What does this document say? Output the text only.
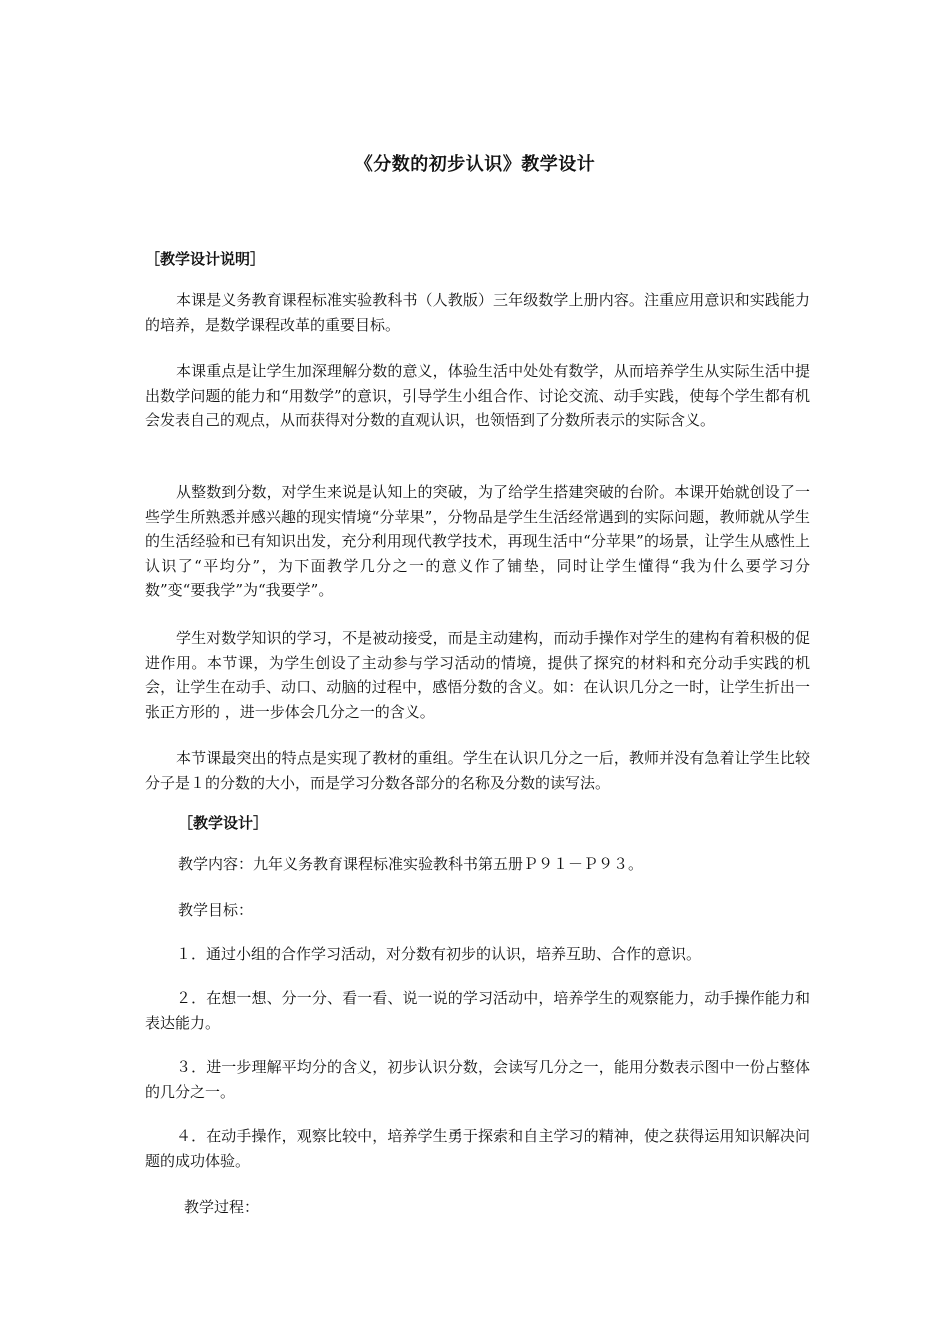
《分数的初步认识》教学设计
［教学设计说明］

本课是义务教育课程标准实验教科书（人教版）三年级数学上册内容。注重应用意识和实践能力的培养，是数学课程改革的重要目标。

本课重点是让学生加深理解分数的意义，体验生活中处处有数学，从而培养学生从实际生活中提出数学问题的能力和“用数学”的意识，引导学生小组合作、讨论交流、动手实践，使每个学生都有机会发表自己的观点，从而获得对分数的直观认识，也领悟到了分数所表示的实际含义。

从整数到分数，对学生来说是认知上的突破，为了给学生搭建突破的台阶。本课开始就创设了一些学生所熟悉并感兴趣的现实情境“分苹果”，分物品是学生生活经常遇到的实际问题，教师就从学生的生活经验和已有知识出发，充分利用现代教学技术，再现生活中“分苹果”的场景，让学生从感性上认识了“平均分”，为下面教学几分之一的意义作了铺垫，同时让学生懂得“我为什么要学习分数”变“要我学”为“我要学”。

学生对数学知识的学习，不是被动接受，而是主动建构，而动手操作对学生的建构有着积极的促进作用。本节课，为学生创设了主动参与学习活动的情境，提供了探究的材料和充分动手实践的机会，让学生在动手、动口、动脑的过程中，感悟分数的含义。如：在认识几分之一时，让学生折出一张正方形的 ，进一步体会几分之一的含义。

本节课最突出的特点是实现了教材的重组。学生在认识几分之一后，教师并没有急着让学生比较分子是１的分数的大小，而是学习分数各部分的名称及分数的读写法。

［教学设计］
教学内容：九年义务教育课程标准实验教科书第五册Ｐ９１－Ｐ９３。
教学目标：

１．通过小组的合作学习活动，对分数有初步的认识，培养互助、合作的意识。

２．在想一想、分一分、看一看、说一说的学习活动中，培养学生的观察能力，动手操作能力和表达能力。

３．进一步理解平均分的含义，初步认识分数，会读写几分之一，能用分数表示图中一份占整体的几分之一。

４．在动手操作，观察比较中，培养学生勇于探索和自主学习的精神，使之获得运用知识解决问题的成功体验。

教学过程：
